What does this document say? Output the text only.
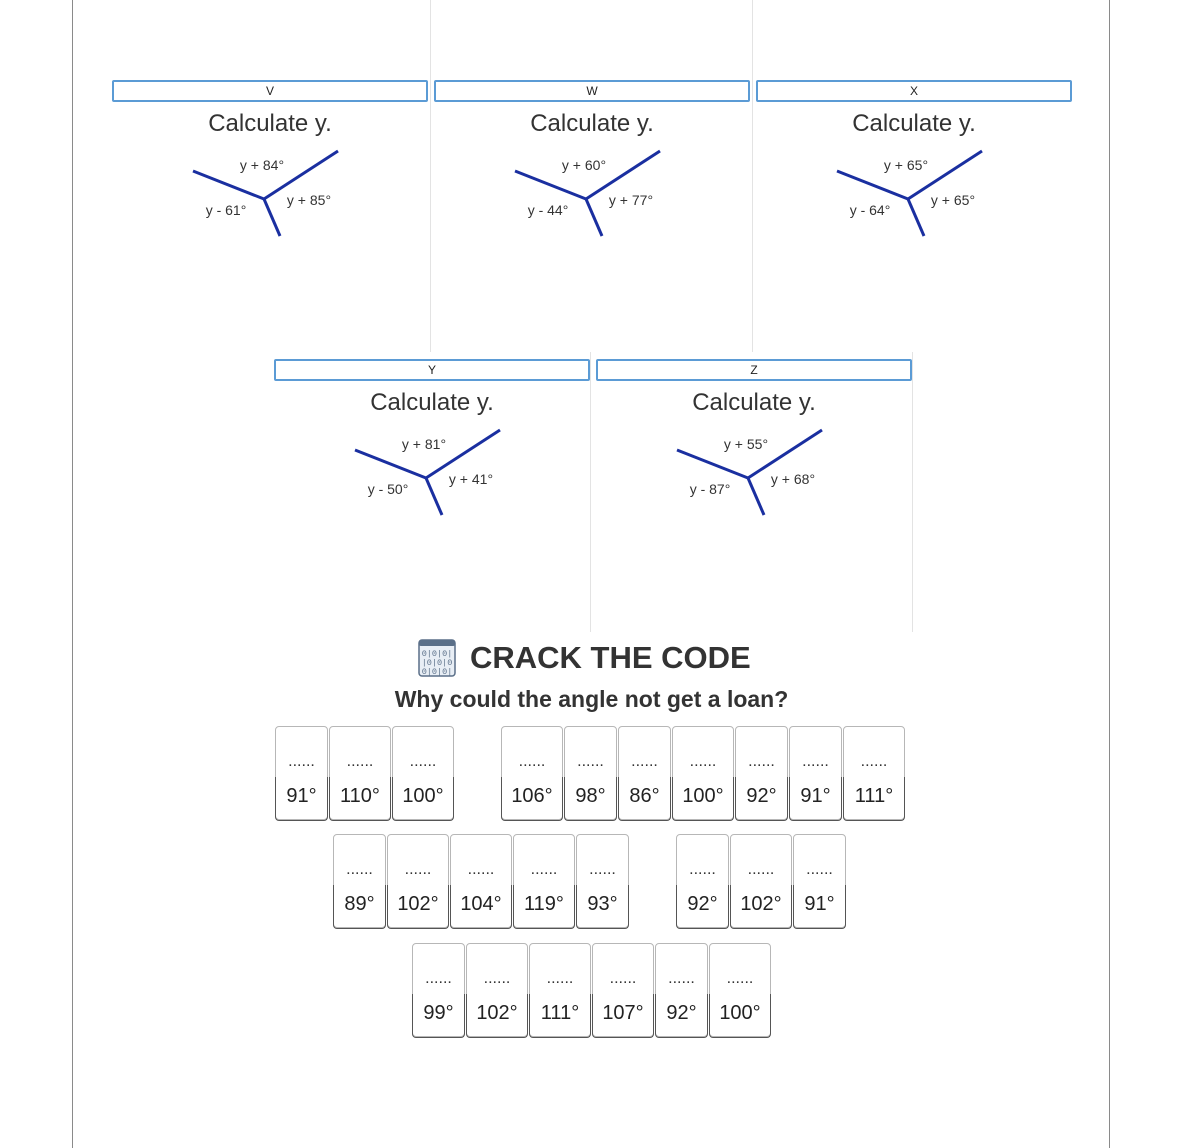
V
Calculate y.
y + 84°
y - 61°
y + 85°
W
Calculate y.
y + 60°
y - 44°
y + 77°
X
Calculate y.
y + 65°
y - 64°
y + 65°
Y
Calculate y.
y + 81°
y - 50°
y + 41°
Z
Calculate y.
y + 55°
y - 87°
y + 68°
0|0|0|
|0|0|0
0|0|0| CRACK THE CODE
Why could the angle not get a loan?
......
91°
......
110°
......
100°
......
106°
......
98°
......
86°
......
100°
......
92°
......
91°
......
111°
......
89°
......
102°
......
104°
......
119°
......
93°
......
92°
......
102°
......
91°
......
99°
......
102°
......
111°
......
107°
......
92°
......
100°
